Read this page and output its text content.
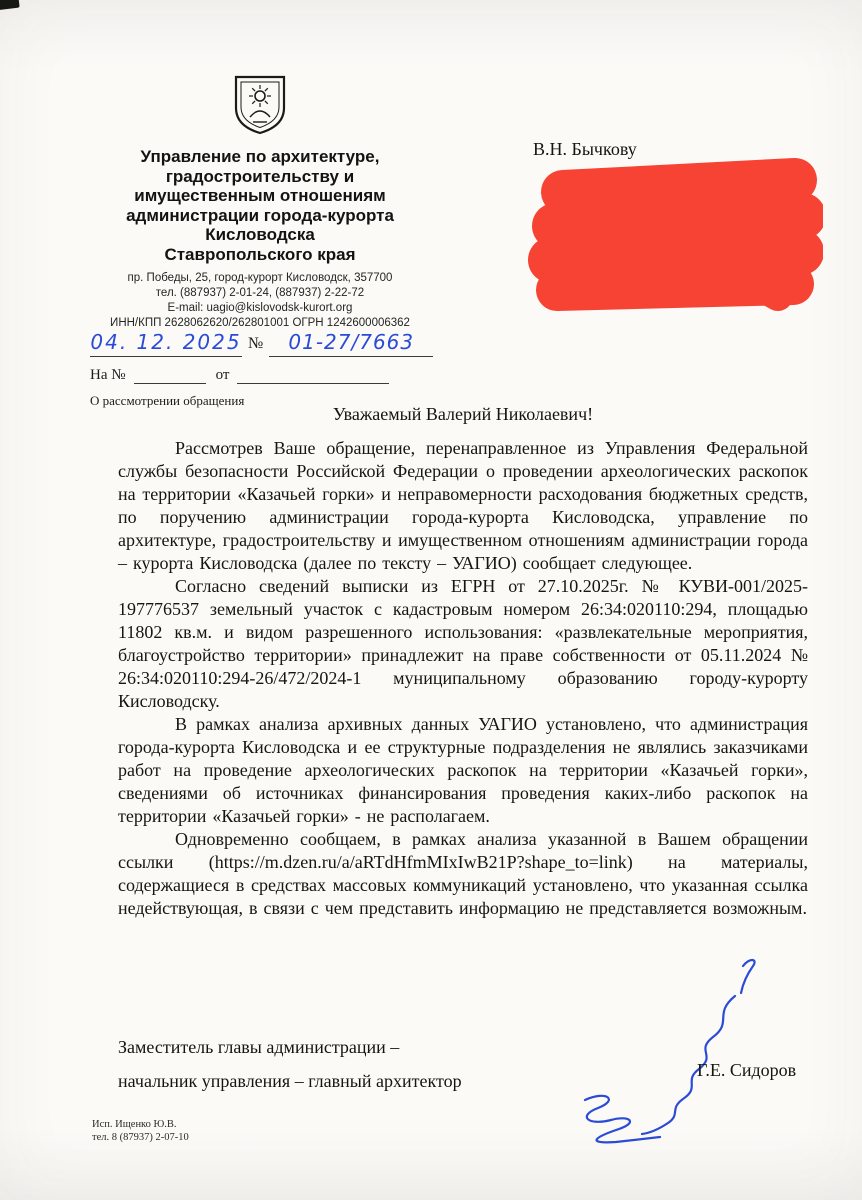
Управление по архитектуре,
градостроительству и
имущественным отношениям
администрации города-курорта
Кисловодска
Ставропольского края
пр. Победы, 25, город-курорт Кисловодск, 357700
тел. (887937) 2-01-24, (887937) 2-22-72
E-mail: uagio@kislovodsk-kurort.org
ИНН/КПП 2628062620/262801001 ОГРН 1242600006362
04. 12. 2025 №	01-27/7663
На №	от
О рассмотрении обращения
В.Н. Бычкову
Уважаемый Валерий Николаевич!

Рассмотрев Ваше обращение, перенаправленное из Управления Федеральной службы безопасности Российской Федерации о проведении археологических раскопок на территории «Казачьей горки» и неправомерности расходования бюджетных средств, по поручению администрации города-курорта Кисловодска, управление по архитектуре, градостроительству и имущественном отношениям администрации города – курорта Кисловодска (далее по тексту – УАГИО) сообщает следующее.

Согласно сведений выписки из ЕГРН от 27.10.2025г. № КУВИ-001/2025-197776537 земельный участок с кадастровым номером 26:34:020110:294, площадью 11802 кв.м. и видом разрешенного использования: «развлекательные мероприятия, благоустройство территории» принадлежит на праве собственности от 05.11.2024 № 26:34:020110:294-26/472/2024-1 муниципальному образованию городу-курорту Кисловодску.

В рамках анализа архивных данных УАГИО установлено, что администрация города-курорта Кисловодска и ее структурные подразделения не являлись заказчиками работ на проведение археологических раскопок на территории «Казачьей горки», сведениями об источниках финансирования проведения каких-либо раскопок на территории «Казачьей горки» - не располагаем.

Одновременно сообщаем, в рамках анализа указанной в Вашем обращении ссылки (https://m.dzen.ru/a/aRTdHfmMIxIwB21P?shape_to=link) на материалы, содержащиеся в средствах массовых коммуникаций установлено, что указанная ссылка недействующая, в связи с чем представить информацию не представляется возможным.

Заместитель главы администрации –
начальник управления – главный архитектор
Г.Е. Сидоров
Исп. Ищенко Ю.В.
тел. 8 (87937) 2-07-10
